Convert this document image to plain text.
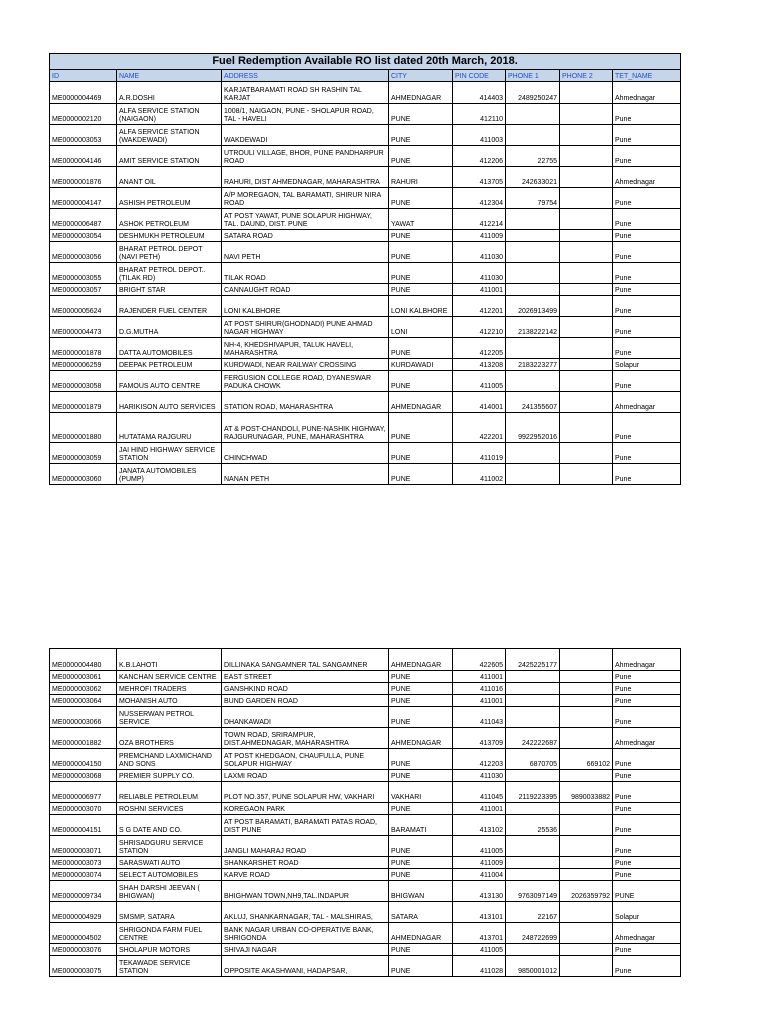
Fuel Redemption Available RO list dated 20th March, 2018.							
ID	NAME	ADDRESS	CITY	PIN CODE	PHONE 1	PHONE 2	TET_NAME
ME0000004469	A.R.DOSHI	KARJATBARAMATI ROAD SH RASHIN TAL KARJAT	AHMEDNAGAR	414403	2489250247		Ahmednagar
ME0000002120	ALFA SERVICE STATION (NAIGAON)	1008/1, NAIGAON, PUNE - SHOLAPUR ROAD, TAL - HAVELI	PUNE	412110			Pune
ME0000003053	ALFA SERVICE STATION (WAKDEWADI)	WAKDEWADI	PUNE	411003			Pune
ME0000004146	AMIT SERVICE STATION	UTROULI VILLAGE, BHOR, PUNE PANDHARPUR ROAD	PUNE	412206	22755		Pune
ME0000001876	ANANT OIL	RAHURI, DIST AHMEDNAGAR, MAHARASHTRA	RAHURI	413705	242633021		Ahmednagar
ME0000004147	ASHISH PETROLEUM	A/P MOREGAON, TAL BARAMATI, SHIRUR NIRA ROAD	PUNE	412304	79754		Pune
ME0000006487	ASHOK PETROLEUM	AT POST YAWAT, PUNE SOLAPUR HIGHWAY, TAL. DAUND, DIST. PUNE	YAWAT	412214			Pune
ME0000003054	DESHMUKH PETROLEUM	SATARA ROAD	PUNE	411009			Pune
ME0000003056	BHARAT PETROL DEPOT (NAVI PETH)	NAVI PETH	PUNE	411030			Pune
ME0000003055	BHARAT PETROL DEPOT..(TILAK RD)	TILAK ROAD	PUNE	411030			Pune
ME0000003057	BRIGHT STAR	CANNAUGHT ROAD	PUNE	411001			Pune
ME0000005624	RAJENDER FUEL CENTER	LONI KALBHORE	LONI KALBHORE	412201	2026913499		Pune
ME0000004473	D.G.MUTHA	AT POST SHIRUR(GHODNADI) PUNE AHMAD NAGAR HIGHWAY	LONI	412210	2138222142		Pune
ME0000001878	DATTA AUTOMOBILES	NH-4, KHEDSHIVAPUR, TALUK HAVELI, MAHARASHTRA	PUNE	412205			Pune
ME0000006259	DEEPAK PETROLEUM	KURDWADI, NEAR RAILWAY CROSSING	KURDAWADI	413208	2183223277		Solapur
ME0000003058	FAMOUS AUTO CENTRE	FERGUSION COLLEGE ROAD, DYANESWAR PADUKA CHOWK	PUNE	411005			Pune
ME0000001879	HARIKISON AUTO SERVICES	STATION ROAD, MAHARASHTRA	AHMEDNAGAR	414001	241355607		Ahmednagar
ME0000001880	HUTATAMA RAJGURU	AT & POST-CHANDOLI, PUNE-NASHIK HIGHWAY, RAJGURUNAGAR, PUNE, MAHARASHTRA	PUNE	422201	9922952016		Pune
ME0000003059	JAI HIND HIGHWAY SERVICE STATION	CHINCHWAD	PUNE	411019			Pune
ME0000003060	JANATA AUTOMOBILES (PUMP)	NANAN PETH	PUNE	411002			Pune
ME0000004480	K.B.LAHOTI	DILLINAKA SANGAMNER TAL SANGAMNER	AHMEDNAGAR	422605	2425225177		Ahmednagar
ME0000003061	KANCHAN SERVICE CENTRE	EAST STREET	PUNE	411001			Pune
ME0000003062	MEHROFI TRADERS	GANSHKIND ROAD	PUNE	411016			Pune
ME0000003064	MOHANISH AUTO	BUND GARDEN ROAD	PUNE	411001			Pune
ME0000003066	NUSSERWAN PETROL SERVICE	DHANKAWADI	PUNE	411043			Pune
ME0000001882	OZA BROTHERS	TOWN ROAD, SRIRAMPUR, DIST.AHMEDNAGAR, MAHARASHTRA	AHMEDNAGAR	413709	242222687		Ahmednagar
ME0000004150	PREMCHAND LAXMICHAND AND SONS	AT POST KHEDGAON, CHAUFULLA, PUNE SOLAPUR HIGHWAY	PUNE	412203	6870705	669102	Pune
ME0000003068	PREMIER SUPPLY CO.	LAXMI ROAD	PUNE	411030			Pune
ME0000006977	RELIABLE PETROLEUM	PLOT NO.357, PUNE SOLAPUR HW, VAKHARI	VAKHARI	411045	2119223395	9890033882	Pune
ME0000003070	ROSHNI SERVICES	KOREGAON PARK	PUNE	411001			Pune
ME0000004151	S G DATE AND CO.	AT POST BARAMATI, BARAMATI PATAS ROAD, DIST PUNE	BARAMATI	413102	25536		Pune
ME0000003071	SHRISADGURU SERVICE STATION	JANGLI MAHARAJ ROAD	PUNE	411005			Pune
ME0000003073	SARASWATI AUTO	SHANKARSHET ROAD	PUNE	411009			Pune
ME0000003074	SELECT AUTOMOBILES	KARVE ROAD	PUNE	411004			Pune
ME0000009734	SHAH DARSHI JEEVAN ( BHIGWAN)	BHIGHWAN TOWN,NH9,TAL.INDAPUR	BHIGWAN	413130	9763097149	2026359792	PUNE
ME0000004929	SMSMP, SATARA	AKLUJ, SHANKARNAGAR, TAL - MALSHIRAS,	SATARA	413101	22167		Solapur
ME0000004502	SHRIGONDA FARM FUEL CENTRE	BANK NAGAR URBAN CO-OPERATIVE BANK, SHRIGONDA	AHMEDNAGAR	413701	248722699		Ahmednagar
ME0000003076	SHOLAPUR MOTORS	SHIVAJI NAGAR	PUNE	411005			Pune
ME0000003075	TEKAWADE SERVICE STATION	OPPOSITE AKASHWANI, HADAPSAR,	PUNE	411028	9850001012		Pune
